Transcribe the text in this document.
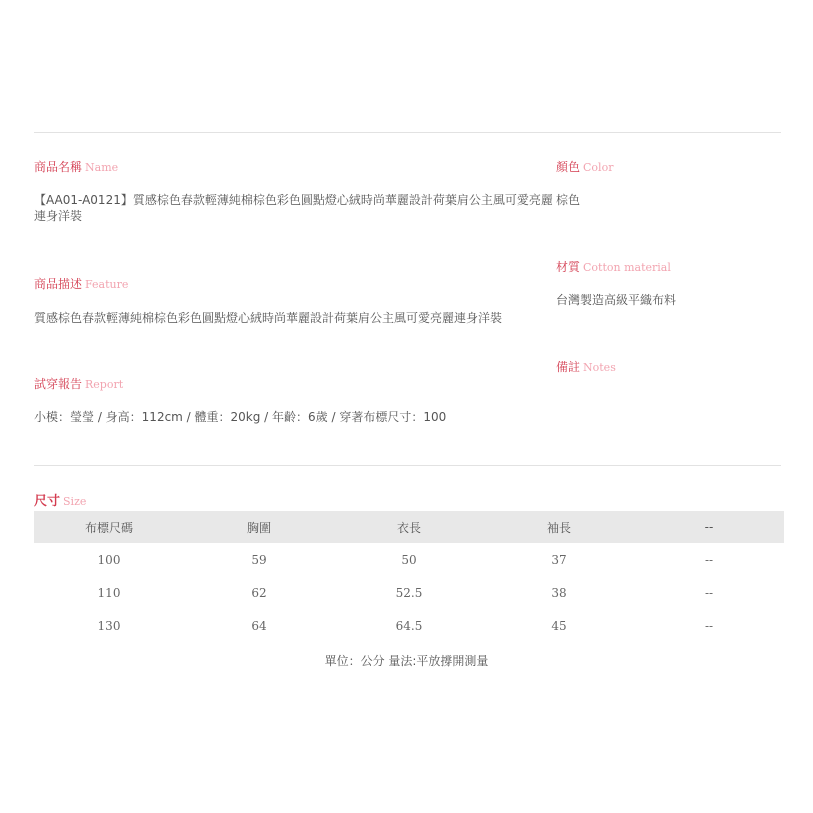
商品名稱 Name
【AA01-A0121】質感棕色春款輕薄純棉棕色彩色圓點燈心絨時尚華麗設計荷葉肩公主風可愛亮麗連身洋裝
顏色 Color
棕色
材質 Cotton material
台灣製造高級平織布料
商品描述 Feature
質感棕色春款輕薄純棉棕色彩色圓點燈心絨時尚華麗設計荷葉肩公主風可愛亮麗連身洋裝
備註 Notes
試穿報告 Report
小模：瑩瑩 / 身高：112cm / 體重：20kg / 年齡：6歲 / 穿著布標尺寸：100
尺寸 Size
布標尺碼	胸圍	衣長	袖長	--
100	59	50	37	--
110	62	52.5	38	--
130	64	64.5	45	--
單位：公分 量法:平放撐開測量
